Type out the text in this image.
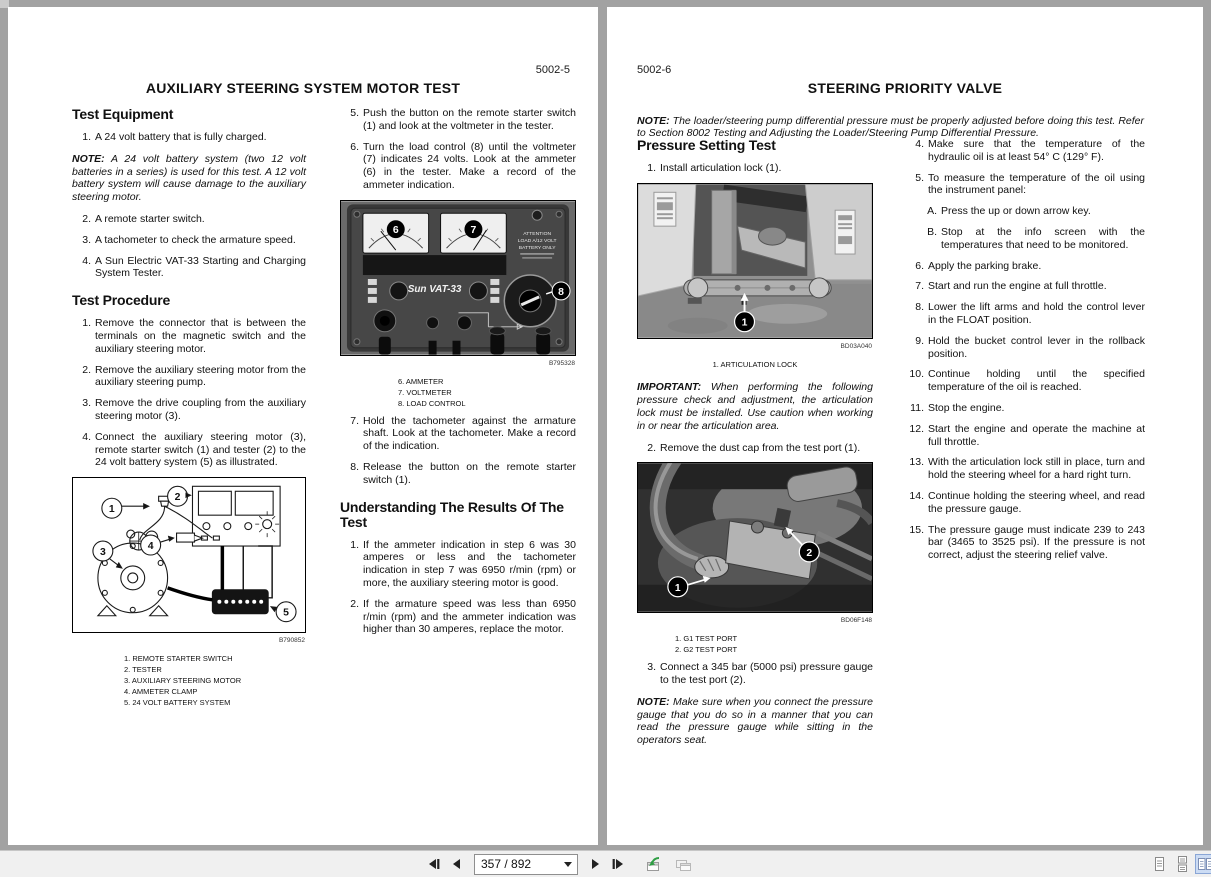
5002-5
AUXILIARY STEERING SYSTEM MOTOR TEST
Test Equipment
1. A 24 volt battery that is fully charged.

NOTE: A 24 volt battery system (two 12 volt batteries in a series) is used for this test. A 12 volt battery system will cause damage to the auxiliary steering motor.

2. A remote starter switch.
3. A tachometer to check the armature speed.
4. A Sun Electric VAT-33 Starting and Charging System Tester.
Test Procedure
1. Remove the connector that is between the terminals on the magnetic switch and the auxiliary steering motor.
2. Remove the auxiliary steering motor from the auxiliary steering pump.
3. Remove the drive coupling from the auxiliary steering motor (3).
4. Connect the auxiliary steering motor (3), remote starter switch (1) and tester (2) to the 24 volt battery system (5) as illustrated.
1
2
3
4
5
B790852
1. REMOTE STARTER SWITCH
2. TESTER
3. AUXILIARY STEERING MOTOR
4. AMMETER CLAMP
5. 24 VOLT BATTERY SYSTEM
5. Push the button on the remote starter switch (1) and look at the voltmeter in the tester.
6. Turn the load control (8) until the voltmeter (7) indicates 24 volts. Look at the ammeter (6) in the tester. Make a record of the ammeter indication.
6	7	ATTENTION
LOAD A/12 VOLT
BATTERY ONLY
Sun VAT-33	8
B795328
6. AMMETER
7. VOLTMETER
8. LOAD CONTROL
7. Hold the tachometer against the armature shaft. Look at the tachometer. Make a record of the indication.
8. Release the button on the remote starter switch (1).
Understanding The Results Of The Test
1. If the ammeter indication in step 6 was 30 amperes or less and the tachometer indication in step 7 was 6950 r/min (rpm) or more, the auxiliary steering motor is good.
2. If the armature speed was less than 6950 r/min (rpm) and the ammeter indication was higher than 30 amperes, replace the motor.
5002-6
STEERING PRIORITY VALVE

NOTE: The loader/steering pump differential pressure must be properly adjusted before doing this test. Refer to Section 8002 Testing and Adjusting the Loader/Steering Pump Differential Pressure.

Pressure Setting Test
1. Install articulation lock (1).
1
BD03A040
1. ARTICULATION LOCK

IMPORTANT: When performing the following pressure check and adjustment, the articulation lock must be installed. Use caution when working in or near the articulation area.

2. Remove the dust cap from the test port (1).
1
2
BD06F148
1. G1 TEST PORT
2. G2 TEST PORT
3. Connect a 345 bar (5000 psi) pressure gauge to the test port (2).

NOTE: Make sure when you connect the pressure gauge that you do so in a manner that you can read the pressure gauge while sitting in the operators seat.

4. Make sure that the temperature of the hydraulic oil is at least 54° C (129° F).
5. To measure the temperature of the oil using the instrument panel:
A. Press the up or down arrow key.
B. Stop at the info screen with the temperatures that need to be monitored.
6. Apply the parking brake.
7. Start and run the engine at full throttle.
8. Lower the lift arms and hold the control lever in the FLOAT position.
9. Hold the bucket control lever in the rollback position.
10. Continue holding until the specified temperature of the oil is reached.
11. Stop the engine.
12. Start the engine and operate the machine at full throttle.
13. With the articulation lock still in place, turn and hold the steering wheel for a hard right turn.
14. Continue holding the steering wheel, and read the pressure gauge.
15. The pressure gauge must indicate 239 to 243 bar (3465 to 3525 psi). If the pressure is not correct, adjust the steering relief valve.
357 / 892
